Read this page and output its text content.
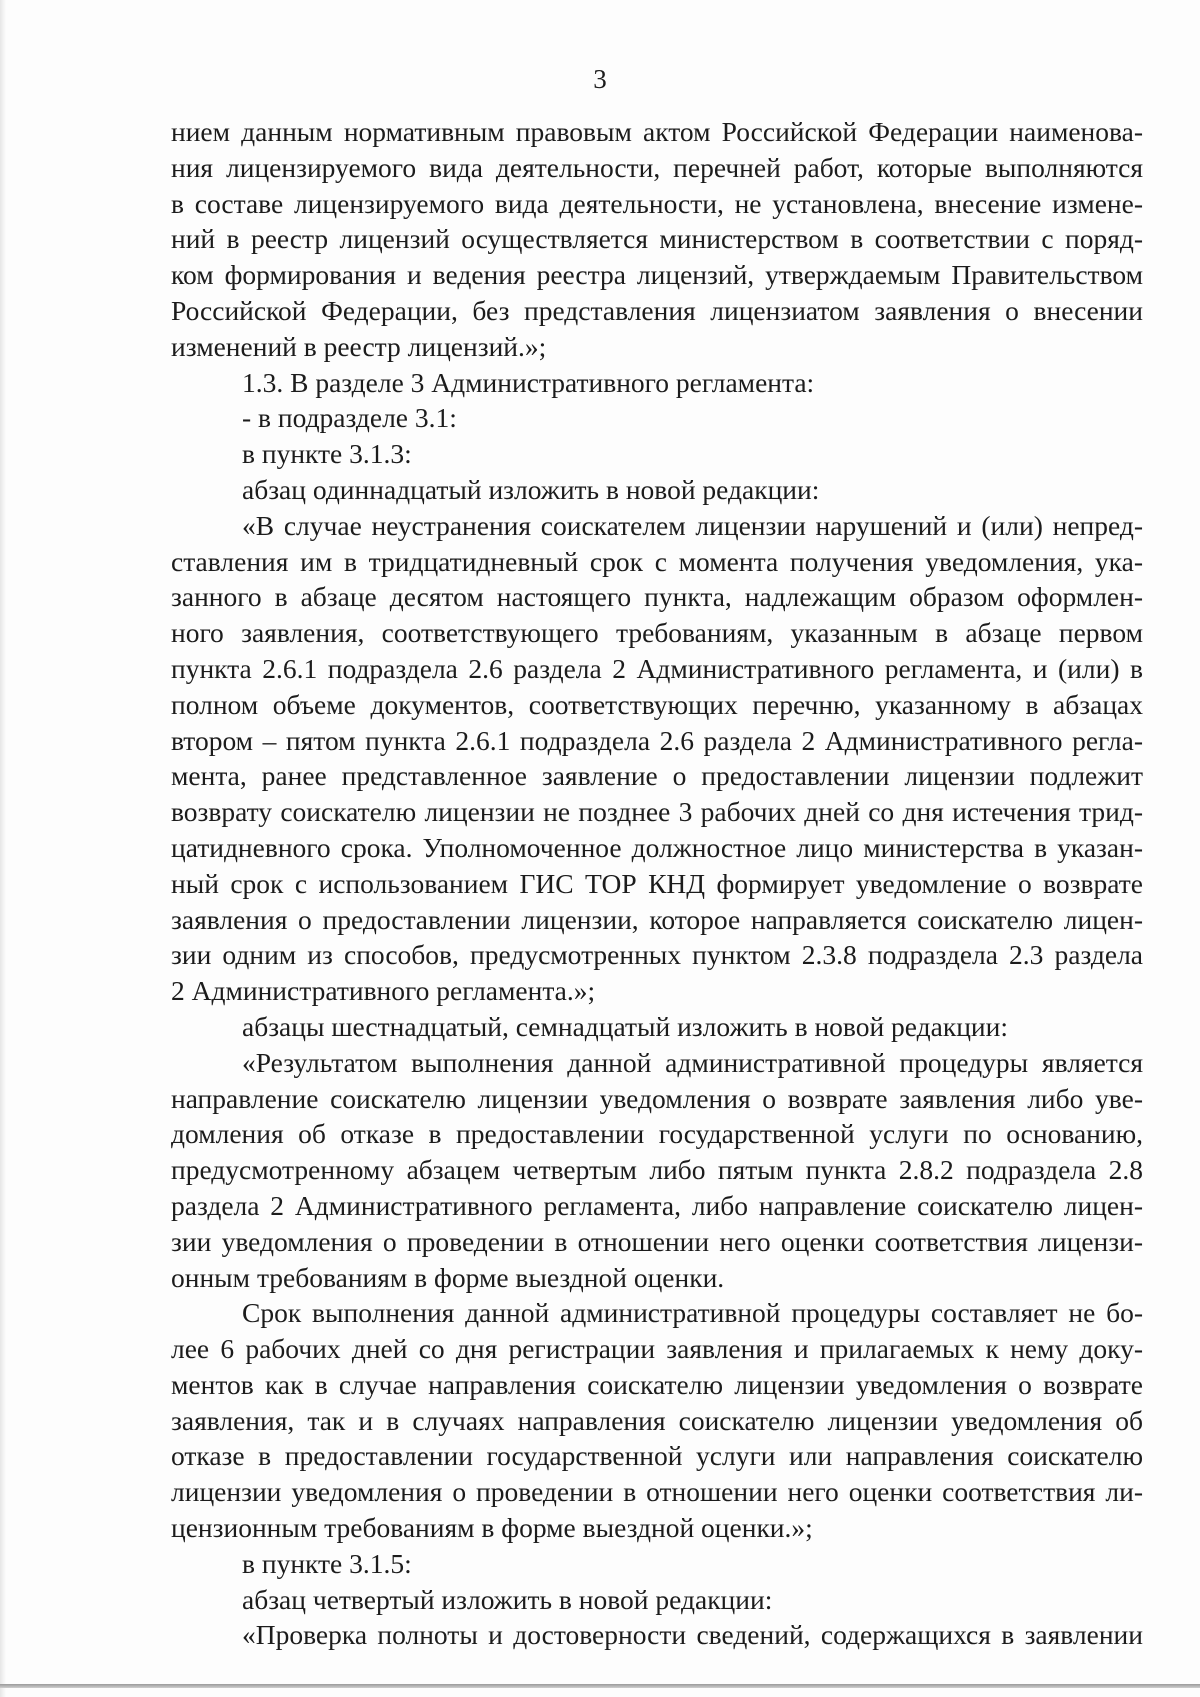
3
нием данным нормативным правовым актом Российской Федерации наименова-
ния лицензируемого вида деятельности, перечней работ, которые выполняются
в составе лицензируемого вида деятельности, не установлена, внесение измене-
ний в реестр лицензий осуществляется министерством в соответствии с поряд-
ком формирования и ведения реестра лицензий, утверждаемым Правительством
Российской Федерации, без представления лицензиатом заявления о внесении
изменений в реестр лицензий.»;
1.3. В разделе 3 Административного регламента:
- в подразделе 3.1:
в пункте 3.1.3:
абзац одиннадцатый изложить в новой редакции:
«В случае неустранения соискателем лицензии нарушений и (или) непред-
ставления им в тридцатидневный срок с момента получения уведомления, ука-
занного в абзаце десятом настоящего пункта, надлежащим образом оформлен-
ного заявления, соответствующего требованиям, указанным в абзаце первом
пункта 2.6.1 подраздела 2.6 раздела 2 Административного регламента, и (или) в
полном объеме документов, соответствующих перечню, указанному в абзацах
втором – пятом пункта 2.6.1 подраздела 2.6 раздела 2 Административного регла-
мента, ранее представленное заявление о предоставлении лицензии подлежит
возврату соискателю лицензии не позднее 3 рабочих дней со дня истечения трид-
цатидневного срока. Уполномоченное должностное лицо министерства в указан-
ный срок с использованием ГИС ТОР КНД формирует уведомление о возврате
заявления о предоставлении лицензии, которое направляется соискателю лицен-
зии одним из способов, предусмотренных пунктом 2.3.8 подраздела 2.3 раздела
2 Административного регламента.»;
абзацы шестнадцатый, семнадцатый изложить в новой редакции:
«Результатом выполнения данной административной процедуры является
направление соискателю лицензии уведомления о возврате заявления либо уве-
домления об отказе в предоставлении государственной услуги по основанию,
предусмотренному абзацем четвертым либо пятым пункта 2.8.2 подраздела 2.8
раздела 2 Административного регламента, либо направление соискателю лицен-
зии уведомления о проведении в отношении него оценки соответствия лицензи-
онным требованиям в форме выездной оценки.
Срок выполнения данной административной процедуры составляет не бо-
лее 6 рабочих дней со дня регистрации заявления и прилагаемых к нему доку-
ментов как в случае направления соискателю лицензии уведомления о возврате
заявления, так и в случаях направления соискателю лицензии уведомления об
отказе в предоставлении государственной услуги или направления соискателю
лицензии уведомления о проведении в отношении него оценки соответствия ли-
цензионным требованиям в форме выездной оценки.»;
в пункте 3.1.5:
абзац четвертый изложить в новой редакции:
«Проверка полноты и достоверности сведений, содержащихся в заявлении
